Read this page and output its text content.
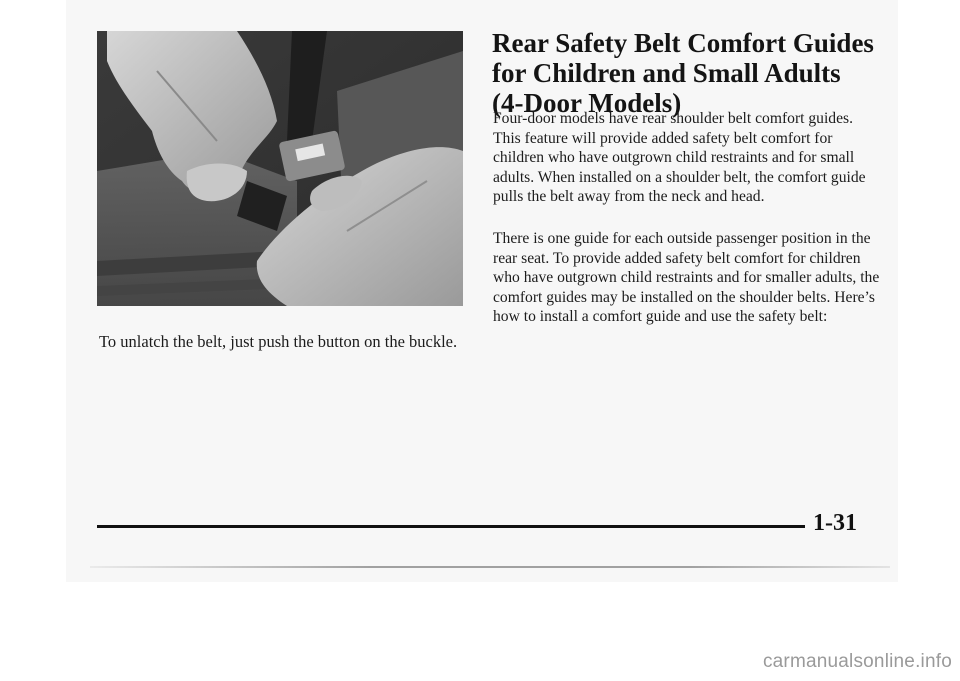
To unlatch the belt, just push the button on the buckle.
Rear Safety Belt Comfort Guides
for Children and Small Adults
(4-Door Models)

Four-door models have rear shoulder belt comfort guides. This feature will provide added safety belt comfort for children who have outgrown child restraints and for small adults. When installed on a shoulder belt, the comfort guide pulls the belt away from the neck and head.

There is one guide for each outside passenger position in the rear seat. To provide added safety belt comfort for children who have outgrown child restraints and for smaller adults, the comfort guides may be installed on the shoulder belts. Here’s how to install a comfort guide and use the safety belt:

1-31
carmanualsonline.info
